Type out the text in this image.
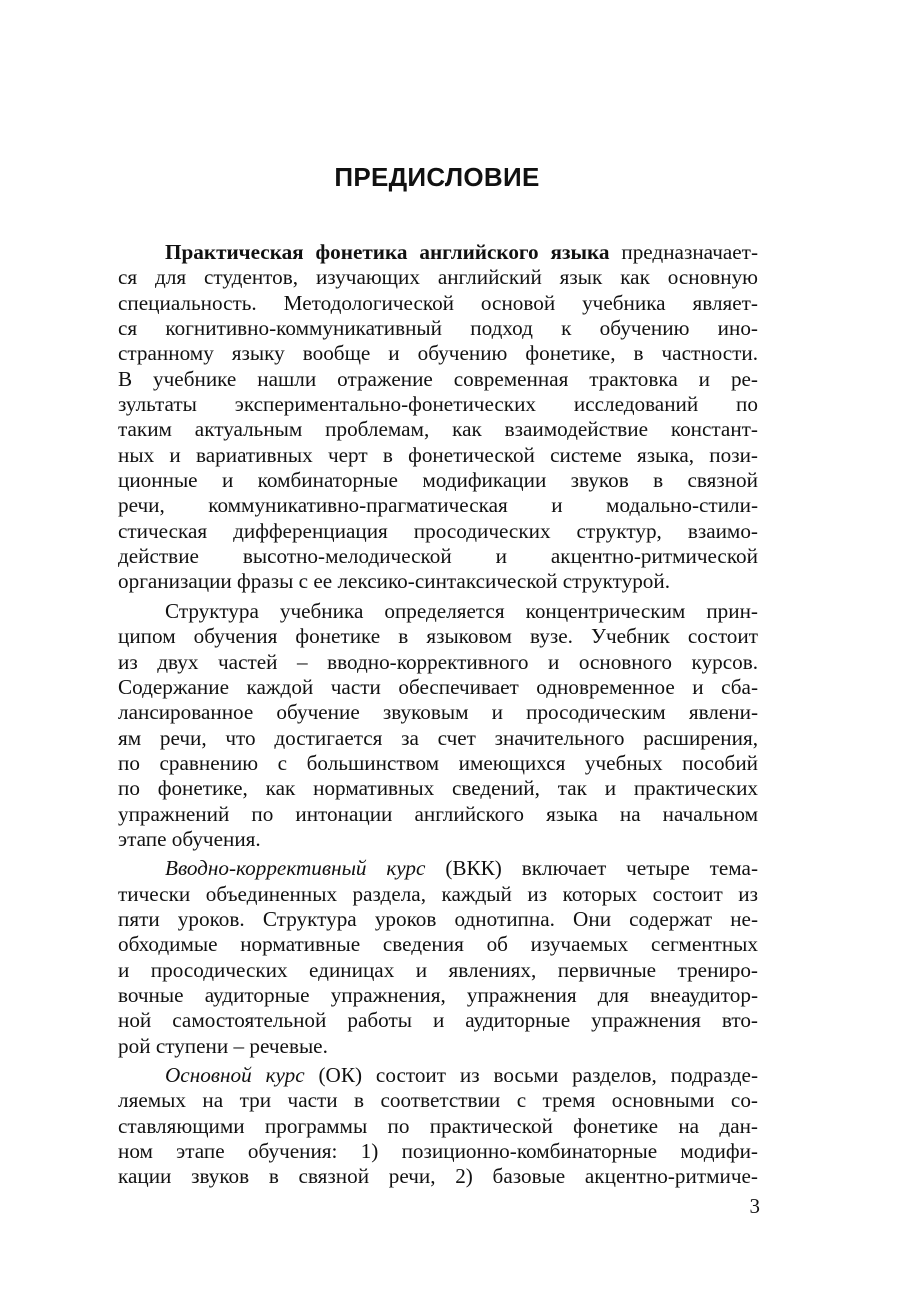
ПРЕДИСЛОВИЕ
Практическая фонетика английского языка предназначает-
ся для студентов, изучающих английский язык как основную
специальность. Методологической основой учебника являет-
ся когнитивно-коммуникативный подход к обучению ино-
странному языку вообще и обучению фонетике, в частности.
В учебнике нашли отражение современная трактовка и ре-
зультаты экспериментально-фонетических исследований по
таким актуальным проблемам, как взаимодействие констант-
ных и вариативных черт в фонетической системе языка, пози-
ционные и комбинаторные модификации звуков в связной
речи, коммуникативно-прагматическая и модально-стили-
стическая дифференциация просодических структур, взаимо-
действие высотно-мелодической и акцентно-ритмической
организации фразы с ее лексико-синтаксической структурой.
Структура учебника определяется концентрическим прин-
ципом обучения фонетике в языковом вузе. Учебник состоит
из двух частей – вводно-коррективного и основного курсов.
Содержание каждой части обеспечивает одновременное и сба-
лансированное обучение звуковым и просодическим явлени-
ям речи, что достигается за счет значительного расширения,
по сравнению с большинством имеющихся учебных пособий
по фонетике, как нормативных сведений, так и практических
упражнений по интонации английского языка на начальном
этапе обучения.
Вводно-коррективный курс (ВКК) включает четыре тема-
тически объединенных раздела, каждый из которых состоит из
пяти уроков. Структура уроков однотипна. Они содержат не-
обходимые нормативные сведения об изучаемых сегментных
и просодических единицах и явлениях, первичные трениро-
вочные аудиторные упражнения, упражнения для внеаудитор-
ной самостоятельной работы и аудиторные упражнения вто-
рой ступени – речевые.
Основной курс (ОК) состоит из восьми разделов, подразде-
ляемых на три части в соответствии с тремя основными со-
ставляющими программы по практической фонетике на дан-
ном этапе обучения: 1) позиционно-комбинаторные модифи-
кации звуков в связной речи, 2) базовые акцентно-ритмиче-
3
